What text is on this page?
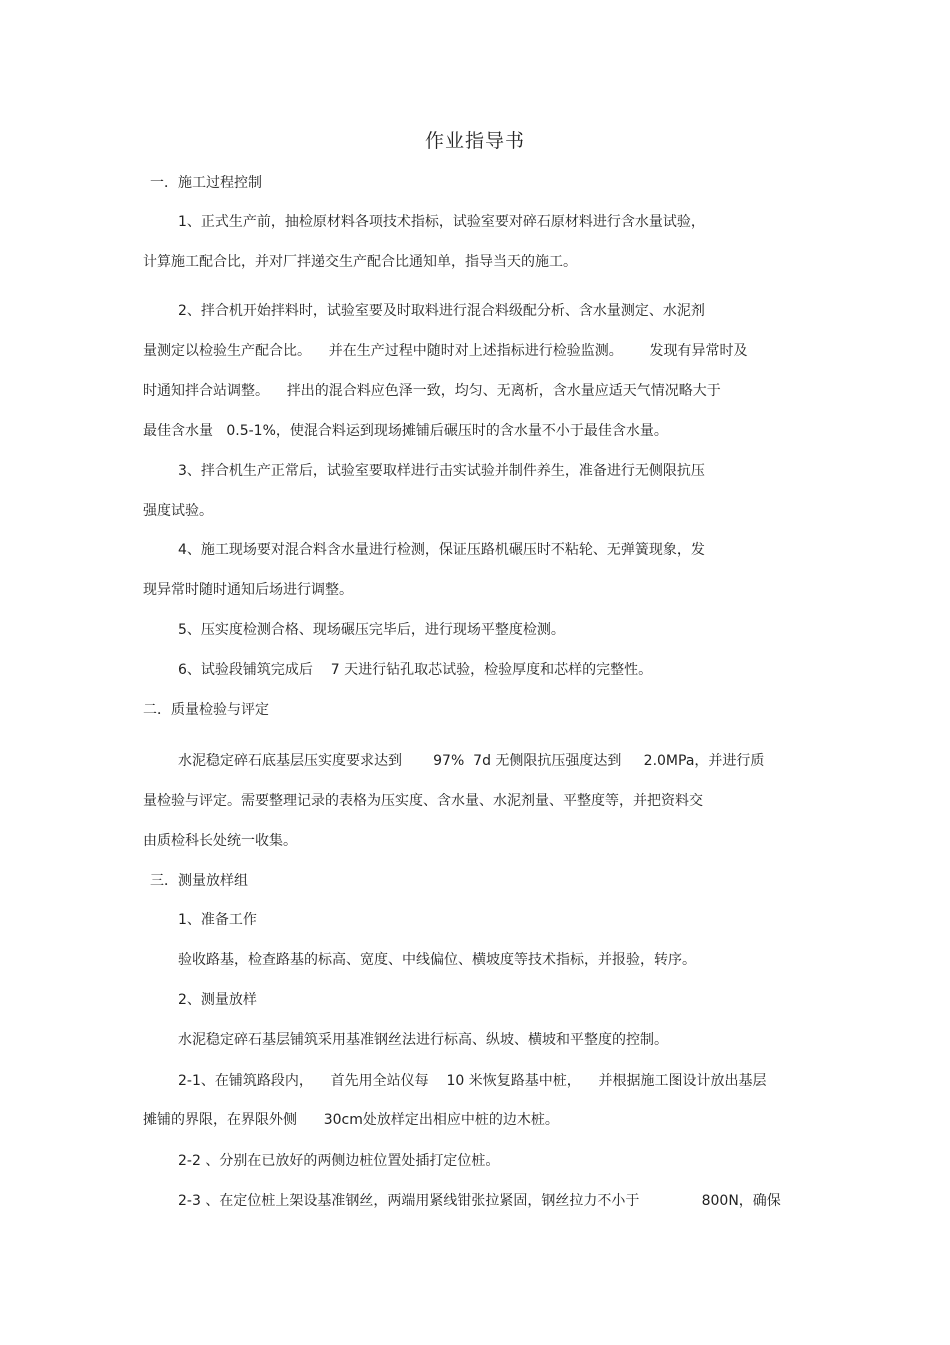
作业指导书
一．施工过程控制
1、正式生产前，抽检原材料各项技术指标，试验室要对碎石原材料进行含水量试验，
计算施工配合比，并对厂拌递交生产配合比通知单，指导当天的施工。
2、拌合机开始拌料时，试验室要及时取料进行混合料级配分析、含水量测定、水泥剂
量测定以检验生产配合比。    并在生产过程中随时对上述指标进行检验监测。      发现有异常时及
时通知拌合站调整。    拌出的混合料应色泽一致，均匀、无离析，含水量应适天气情况略大于
最佳含水量   0.5-1%，使混合料运到现场摊铺后碾压时的含水量不小于最佳含水量。
3、拌合机生产正常后，试验室要取样进行击实试验并制件养生，准备进行无侧限抗压
强度试验。
4、施工现场要对混合料含水量进行检测，保证压路机碾压时不粘轮、无弹簧现象，发
现异常时随时通知后场进行调整。
5、压实度检测合格、现场碾压完毕后，进行现场平整度检测。
6、试验段铺筑完成后    7 天进行钻孔取芯试验，检验厚度和芯样的完整性。
二．质量检验与评定
水泥稳定碎石底基层压实度要求达到       97%  7d 无侧限抗压强度达到     2.0MPa，并进行质
量检验与评定。需要整理记录的表格为压实度、含水量、水泥剂量、平整度等，并把资料交
由质检科长处统一收集。
三．测量放样组
1、准备工作
验收路基，检查路基的标高、宽度、中线偏位、横坡度等技术指标，并报验，转序。
2、测量放样
水泥稳定碎石基层铺筑采用基准钢丝法进行标高、纵坡、横坡和平整度的控制。
2-1、在铺筑路段内，    首先用全站仪每    10 米恢复路基中桩，    并根据施工图设计放出基层
摊铺的界限，在界限外侧      30cm处放样定出相应中桩的边木桩。
2-2 、分别在已放好的两侧边桩位置处插打定位桩。
2-3 、在定位桩上架设基准钢丝，两端用紧线钳张拉紧固，钢丝拉力不小于              800N，确保
